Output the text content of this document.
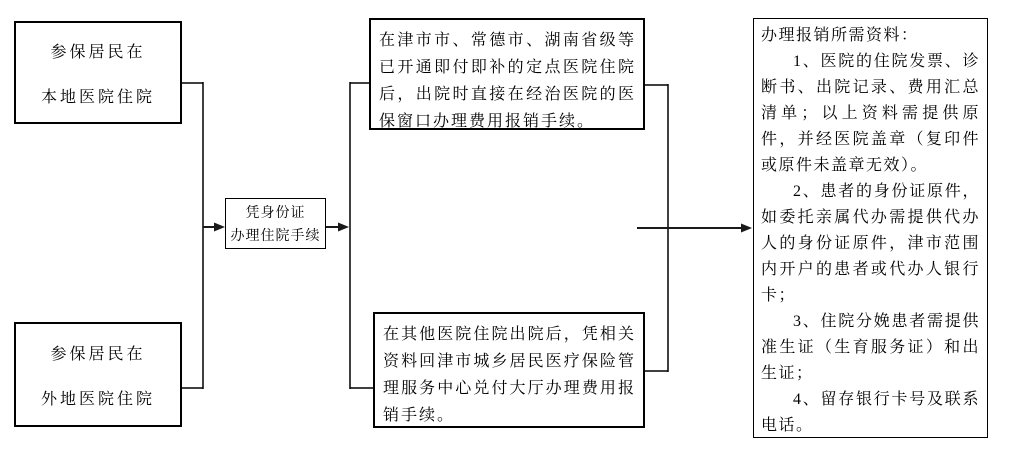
参保居民在
本地医院住院
参保居民在
外地医院住院
凭身份证
办理住院手续

在津市市、常德市、湖南省级等已开通即付即补的定点医院住院后，出院时直接在经治医院的医保窗口办理费用报销手续。

在其他医院住院出院后，凭相关资料回津市城乡居民医疗保险管理服务中心兑付大厅办理费用报销手续。

办理报销所需资料：

1、医院的住院发票、诊断书、出院记录、费用汇总清单；以上资料需提供原件，并经医院盖章（复印件或原件未盖章无效）。

2、患者的身份证原件，如委托亲属代办需提供代办人的身份证原件，津市范围内开户的患者或代办人银行卡；

3、住院分娩患者需提供准生证（生育服务证）和出生证；

4、留存银行卡号及联系电话。
